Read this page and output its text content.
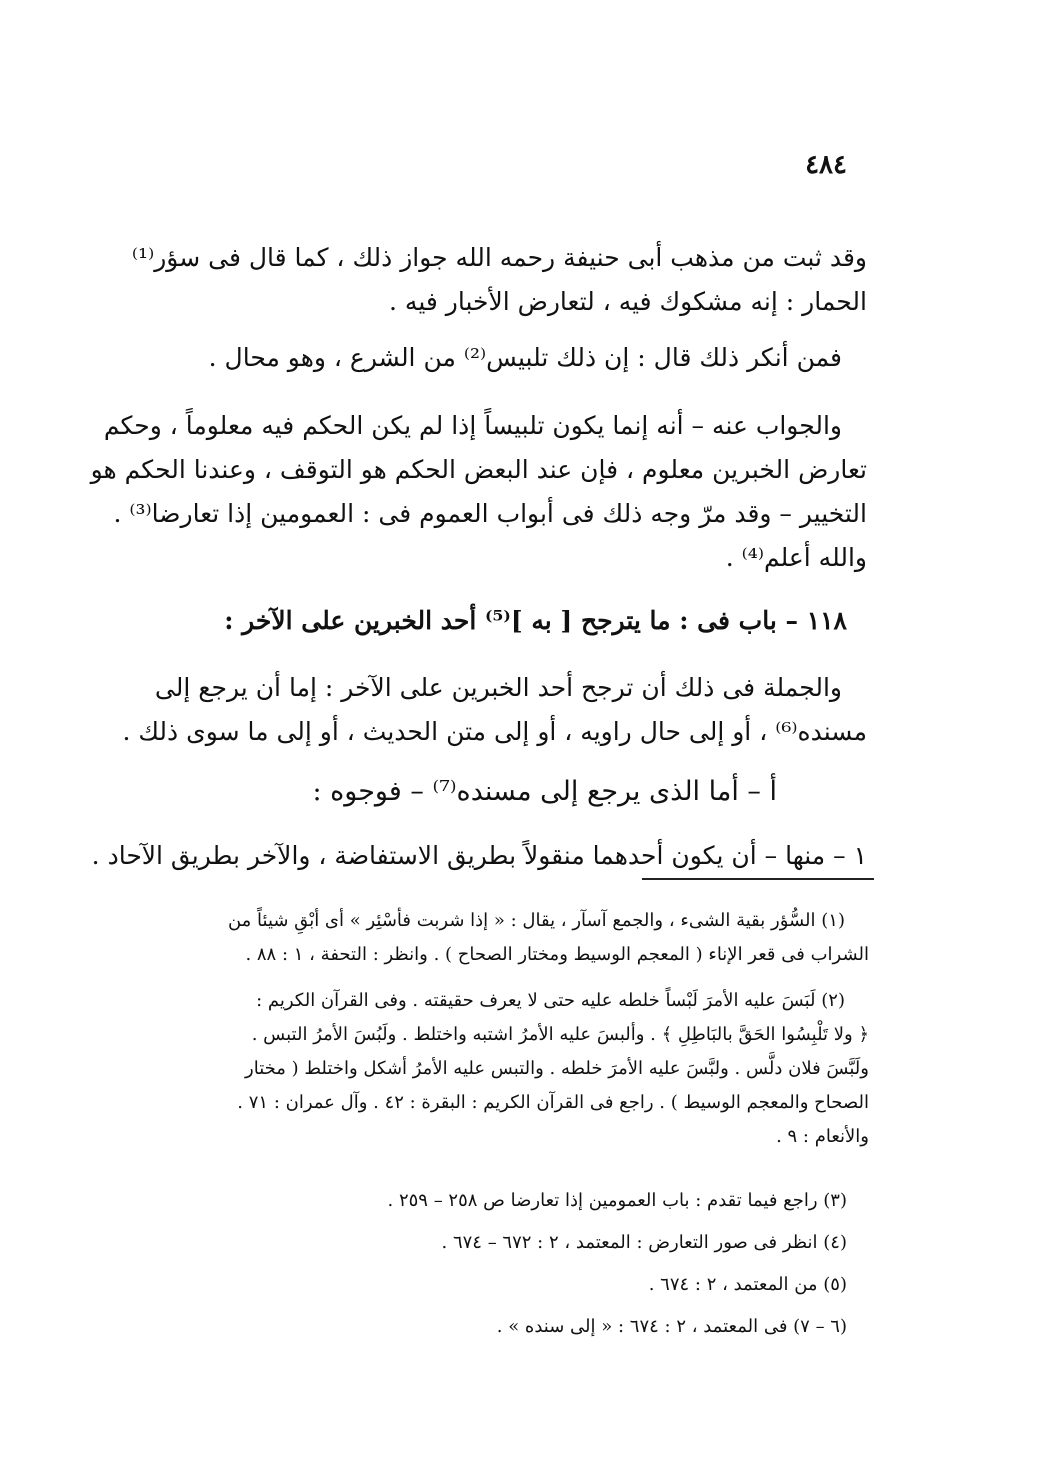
٤٨٤
وقد ثبت من مذهب أبى حنيفة رحمه الله جواز ذلك ، كما قال فى سؤر⁽¹⁾
الحمار : إنه مشكوك فيه ، لتعارض الأخبار فيه .
فمن أنكر ذلك قال : إن ذلك تلبيس⁽²⁾ من الشرع ، وهو محال .
والجواب عنه – أنه إنما يكون تلبيساً إذا لم يكن الحكم فيه معلوماً ، وحكم
تعارض الخبرين معلوم ، فإن عند البعض الحكم هو التوقف ، وعندنا الحكم هو
التخيير – وقد مرّ وجه ذلك فى أبواب العموم فى : العمومين إذا تعارضا⁽³⁾ .
والله أعلم⁽⁴⁾ .
١١٨ – باب فى : ما يترجح [ به ]⁽⁵⁾ أحد الخبرين على الآخر :
والجملة فى ذلك أن ترجح أحد الخبرين على الآخر : إما أن يرجع إلى
مسنده⁽⁶⁾ ، أو إلى حال راويه ، أو إلى متن الحديث ، أو إلى ما سوى ذلك .
أ – أما الذى يرجع إلى مسنده⁽⁷⁾ – فوجوه :
١ – منها – أن يكون أحدهما منقولاً بطريق الاستفاضة ، والآخر بطريق الآحاد .
(١) السُّؤر بقية الشىء ، والجمع آسآر ، يقال : « إذا شربت فأسْئِر » أى أبْقِ شيئاً من
الشراب فى قعر الإناء ( المعجم الوسيط ومختار الصحاح ) . وانظر : التحفة ، ١ : ٨٨ .
(٢) لَبَسَ عليه الأمرَ لَبْساً خلطه عليه حتى لا يعرف حقيقته . وفى القرآن الكريم :
﴿ ولا تَلْبِسُوا الحَقَّ بالبَاطِلِ ﴾ . وألبسَ عليه الأمرُ اشتبه واختلط . ولَبُسَ الأمرُ التبس .
ولَبَّسَ فلان دلَّس . ولبَّسَ عليه الأمرَ خلطه . والتبس عليه الأمرُ أشكل واختلط ( مختار
الصحاح والمعجم الوسيط ) . راجع فى القرآن الكريم : البقرة : ٤٢ . وآل عمران : ٧١ .
والأنعام : ٩ .
(٣) راجع فيما تقدم : باب العمومين إذا تعارضا ص ٢٥٨ – ٢٥٩ .
(٤) انظر فى صور التعارض : المعتمد ، ٢ : ٦٧٢ – ٦٧٤ .
(٥) من المعتمد ، ٢ : ٦٧٤ .
(٦ – ٧) فى المعتمد ، ٢ : ٦٧٤ : « إلى سنده » .
